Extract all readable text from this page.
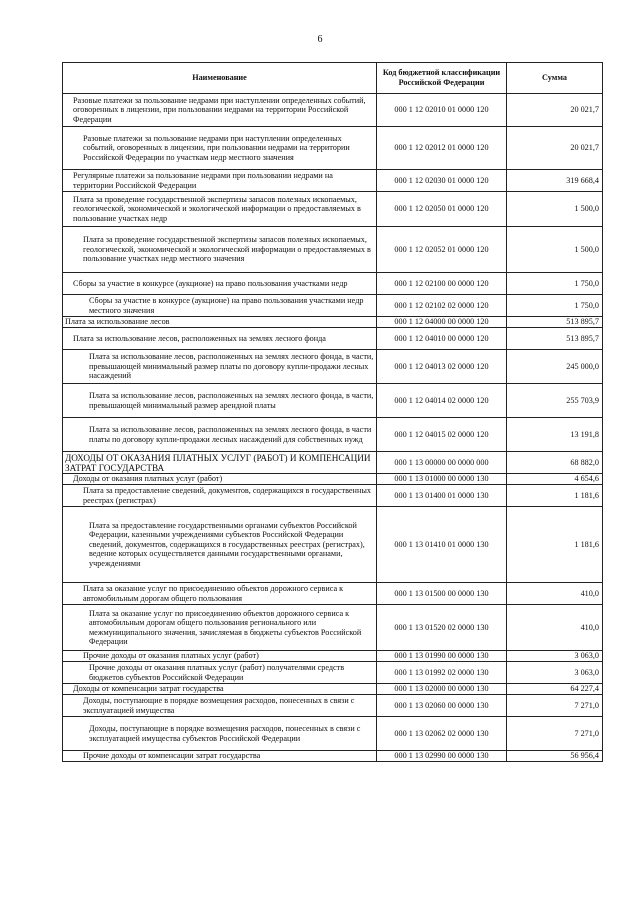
6
Наименование	Код бюджетной классификации Российской Федерации	Сумма
Разовые платежи за пользование недрами при наступлении определенных событий, оговоренных в лицензии, при пользовании недрами на территории Российской Федерации	000 1 12 02010 01 0000 120	20 021,7
Разовые платежи за пользование недрами при наступлении определенных событий, оговоренных в лицензии, при пользовании недрами на территории Российской Федерации по участкам недр местного значения	000 1 12 02012 01 0000 120	20 021,7
Регулярные платежи за пользование недрами при пользовании недрами на территории Российской Федерации	000 1 12 02030 01 0000 120	319 668,4
Плата за проведение государственной экспертизы запасов полезных ископаемых, геологической, экономической и экологической информации о предоставляемых в пользование участках недр	000 1 12 02050 01 0000 120	1 500,0
Плата за проведение государственной экспертизы запасов полезных ископаемых, геологической, экономической и экологической информации о предоставляемых в пользование участках недр местного значения	000 1 12 02052 01 0000 120	1 500,0
Сборы за участие в конкурсе (аукционе) на право пользования участками недр	000 1 12 02100 00 0000 120	1 750,0
Сборы за участие в конкурсе (аукционе) на право пользования участками недр местного значения	000 1 12 02102 02 0000 120	1 750,0
Плата за использование лесов	000 1 12 04000 00 0000 120	513 895,7
Плата за использование лесов, расположенных на землях лесного фонда	000 1 12 04010 00 0000 120	513 895,7
Плата за использование лесов, расположенных на землях лесного фонда, в части, превышающей минимальный размер платы по договору купли-продажи лесных насаждений	000 1 12 04013 02 0000 120	245 000,0
Плата за использование лесов, расположенных на землях лесного фонда, в части, превышающей минимальный размер арендной платы	000 1 12 04014 02 0000 120	255 703,9
Плата за использование лесов, расположенных на землях лесного фонда, в части платы по договору купли-продажи лесных насаждений для собственных нужд	000 1 12 04015 02 0000 120	13 191,8
ДОХОДЫ ОТ ОКАЗАНИЯ ПЛАТНЫХ УСЛУГ (РАБОТ) И КОМПЕНСАЦИИ ЗАТРАТ ГОСУДАРСТВА	000 1 13 00000 00 0000 000	68 882,0
Доходы от оказания платных услуг (работ)	000 1 13 01000 00 0000 130	4 654,6
Плата за предоставление сведений, документов, содержащихся в государственных реестрах (регистрах)	000 1 13 01400 01 0000 130	1 181,6
Плата за предоставление государственными органами субъектов Российской Федерации, казенными учреждениями субъектов Российской Федерации сведений, документов, содержащихся в государственных реестрах (регистрах), ведение которых осуществляется данными государственными органами, учреждениями	000 1 13 01410 01 0000 130	1 181,6
Плата за оказание услуг по присоединению объектов дорожного сервиса к автомобильным дорогам общего пользования	000 1 13 01500 00 0000 130	410,0
Плата за оказание услуг по присоединению объектов дорожного сервиса к автомобильным дорогам общего пользования регионального или межмуниципального значения, зачисляемая в бюджеты субъектов Российской Федерации	000 1 13 01520 02 0000 130	410,0
Прочие доходы от оказания платных услуг (работ)	000 1 13 01990 00 0000 130	3 063,0
Прочие доходы от оказания платных услуг (работ) получателями средств бюджетов субъектов Российской Федерации	000 1 13 01992 02 0000 130	3 063,0
Доходы от компенсации затрат государства	000 1 13 02000 00 0000 130	64 227,4
Доходы, поступающие в порядке возмещения расходов, понесенных в связи с эксплуатацией имущества	000 1 13 02060 00 0000 130	7 271,0
Доходы, поступающие в порядке возмещения расходов, понесенных в связи с эксплуатацией имущества субъектов Российской Федерации	000 1 13 02062 02 0000 130	7 271,0
Прочие доходы от компенсации затрат государства	000 1 13 02990 00 0000 130	56 956,4
